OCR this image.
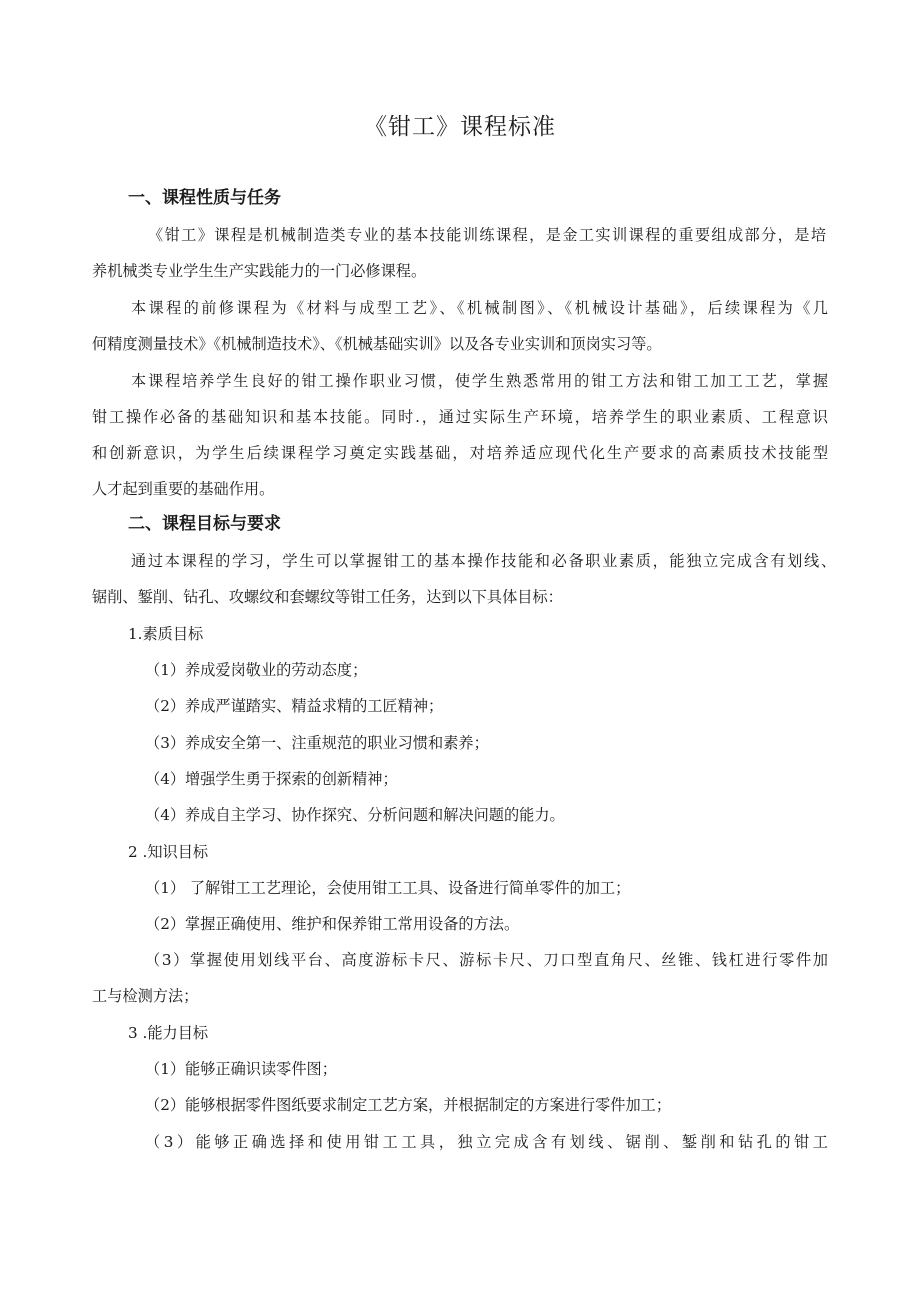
《钳工》课程标准
一、课程性质与任务
《钳工》课程是机械制造类专业的基本技能训练课程，是金工实训课程的重要组成部分，是培
养机械类专业学生生产实践能力的一门必修课程。
本课程的前修课程为《材料与成型工艺》、《机械制图》、《机械设计基础》，后续课程为《几
何精度测量技术》《机械制造技术》、《机械基础实训》以及各专业实训和顶岗实习等。
本课程培养学生良好的钳工操作职业习惯，使学生熟悉常用的钳工方法和钳工加工工艺，掌握
钳工操作必备的基础知识和基本技能。同时.，通过实际生产环境，培养学生的职业素质、工程意识
和创新意识，为学生后续课程学习奠定实践基础，对培养适应现代化生产要求的高素质技术技能型
人才起到重要的基础作用。
二、课程目标与要求
通过本课程的学习，学生可以掌握钳工的基本操作技能和必备职业素质，能独立完成含有划线、
锯削、錾削、钻孔、攻螺纹和套螺纹等钳工任务，达到以下具体目标：
1.素质目标
（1）养成爱岗敬业的劳动态度；
（2）养成严谨踏实、精益求精的工匠精神；
（3）养成安全第一、注重规范的职业习惯和素养；
（4）增强学生勇于探索的创新精神；
（4）养成自主学习、协作探究、分析问题和解决问题的能力。
2 .知识目标
（1） 了解钳工工艺理论，会使用钳工工具、设备进行简单零件的加工；
（2）掌握正确使用、维护和保养钳工常用设备的方法。
（3）掌握使用划线平台、高度游标卡尺、游标卡尺、刀口型直角尺、丝锥、钱杠进行零件加
工与检测方法；
3 .能力目标
（1）能够正确识读零件图；
（2）能够根据零件图纸要求制定工艺方案，并根据制定的方案进行零件加工；
（3）能够正确选择和使用钳工工具，独立完成含有划线、锯削、錾削和钻孔的钳工
